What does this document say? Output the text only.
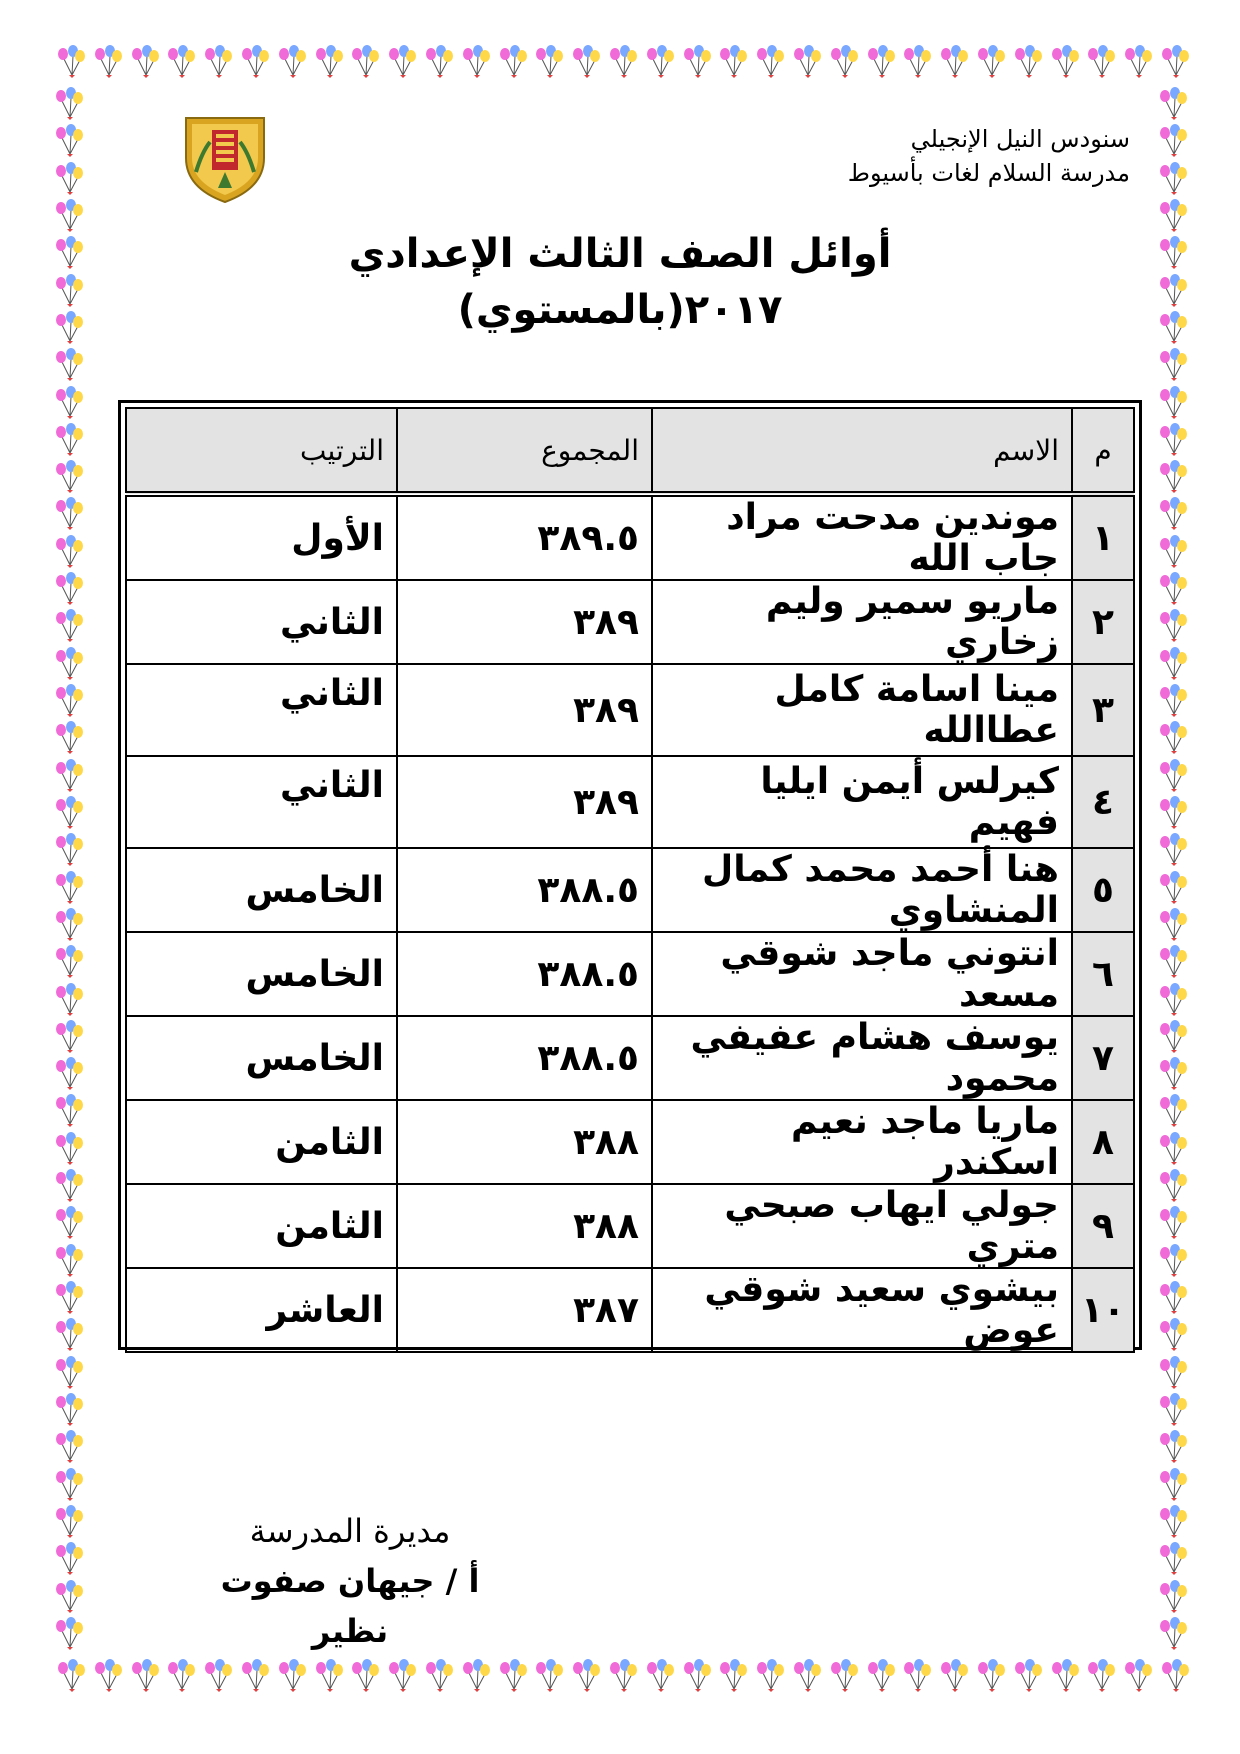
سنودس النيل الإنجيلي
مدرسة السلام لغات بأسيوط
أوائل الصف الثالث الإعدادي
٢٠١٧(بالمستوي)
م	الاسم	المجموع	الترتيب
١	موندين مدحت مراد جاب الله	٣٨٩.٥	الأول
٢	ماريو سمير وليم زخاري	٣٨٩	الثاني
٣	مينا اسامة كامل عطاالله	٣٨٩	الثاني
٤	كيرلس أيمن ايليا فهيم	٣٨٩	الثاني
٥	هنا أحمد محمد كمال المنشاوي	٣٨٨.٥	الخامس
٦	انتوني ماجد شوقي مسعد	٣٨٨.٥	الخامس
٧	يوسف هشام عفيفي محمود	٣٨٨.٥	الخامس
٨	ماريا ماجد نعيم اسكندر	٣٨٨	الثامن
٩	جولي ايهاب صبحي متري	٣٨٨	الثامن
١٠	بيشوي سعيد شوقي عوض	٣٨٧	العاشر
مديرة المدرسة
أ / جيهان صفوت نظير
